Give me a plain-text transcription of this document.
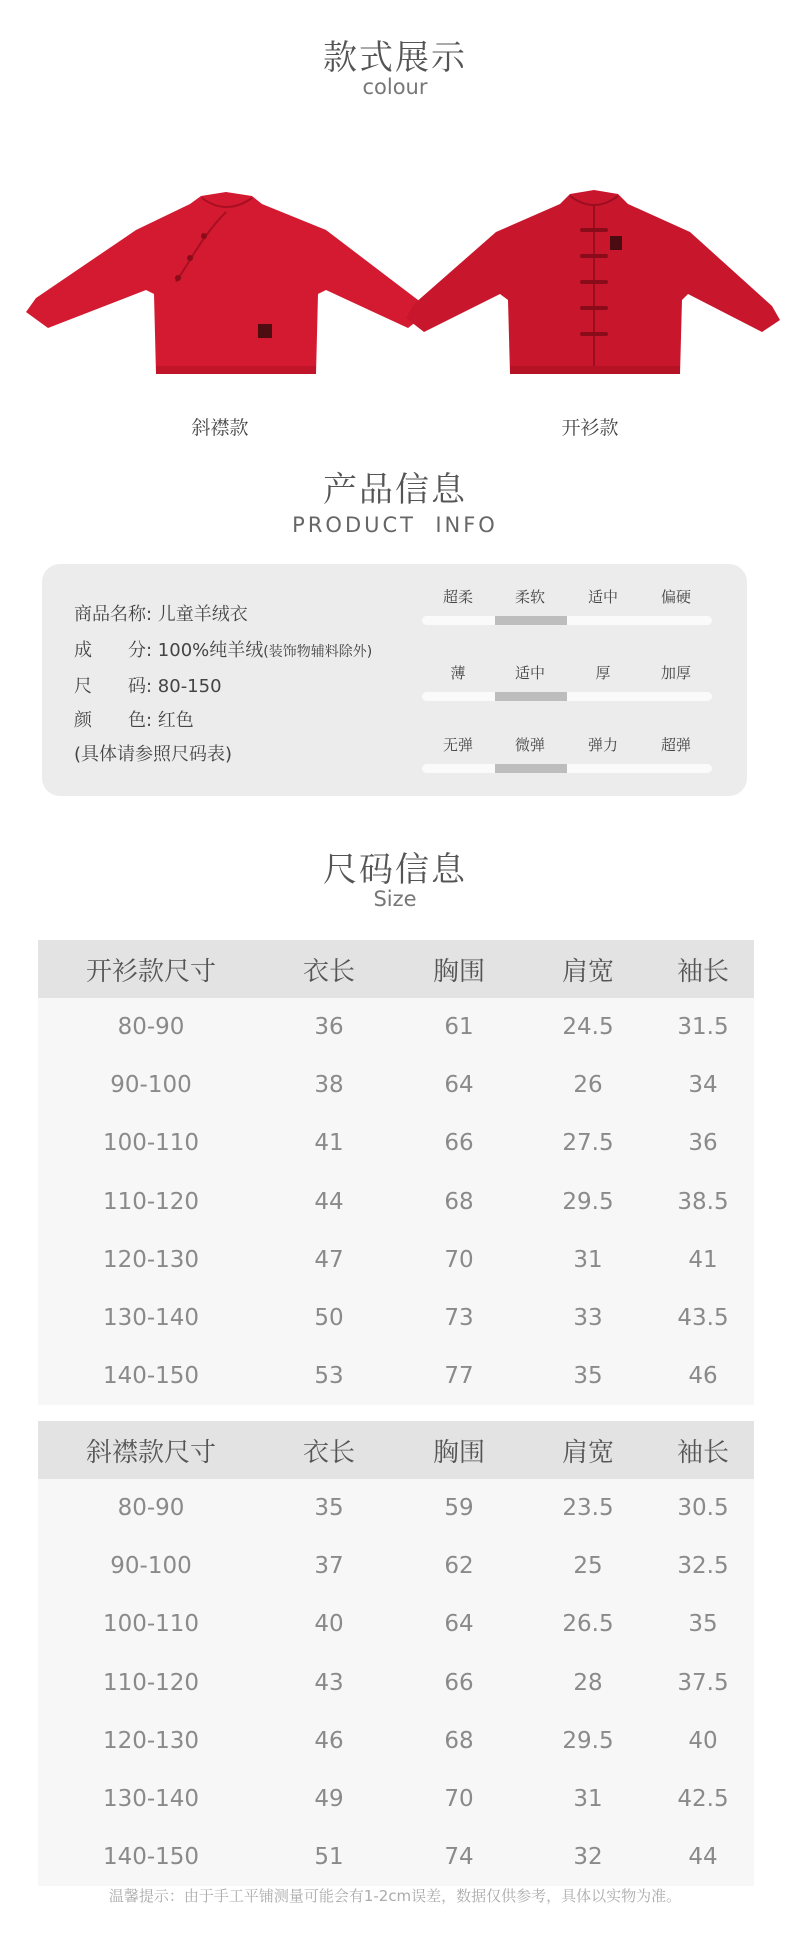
款式展示
colour
斜襟款	开衫款
产品信息
PRODUCT  INFO
商品名称: 儿童羊绒衣
成　　分: 100%纯羊绒(装饰物辅料除外)
尺　　码: 80-150
颜　　色: 红色
(具体请参照尺码表)
超柔	柔软	适中	偏硬
薄	适中	厚	加厚
无弹	微弹	弹力	超弹
尺码信息
Size
开衫款尺寸	衣长	胸围	肩宽	袖长
80-90	36	61	24.5	31.5
90-100	38	64	26	34
100-110	41	66	27.5	36
110-120	44	68	29.5	38.5
120-130	47	70	31	41
130-140	50	73	33	43.5
140-150	53	77	35	46
斜襟款尺寸	衣长	胸围	肩宽	袖长
80-90	35	59	23.5	30.5
90-100	37	62	25	32.5
100-110	40	64	26.5	35
110-120	43	66	28	37.5
120-130	46	68	29.5	40
130-140	49	70	31	42.5
140-150	51	74	32	44
温馨提示：由于手工平铺测量可能会有1-2cm误差，数据仅供参考，具体以实物为准。
